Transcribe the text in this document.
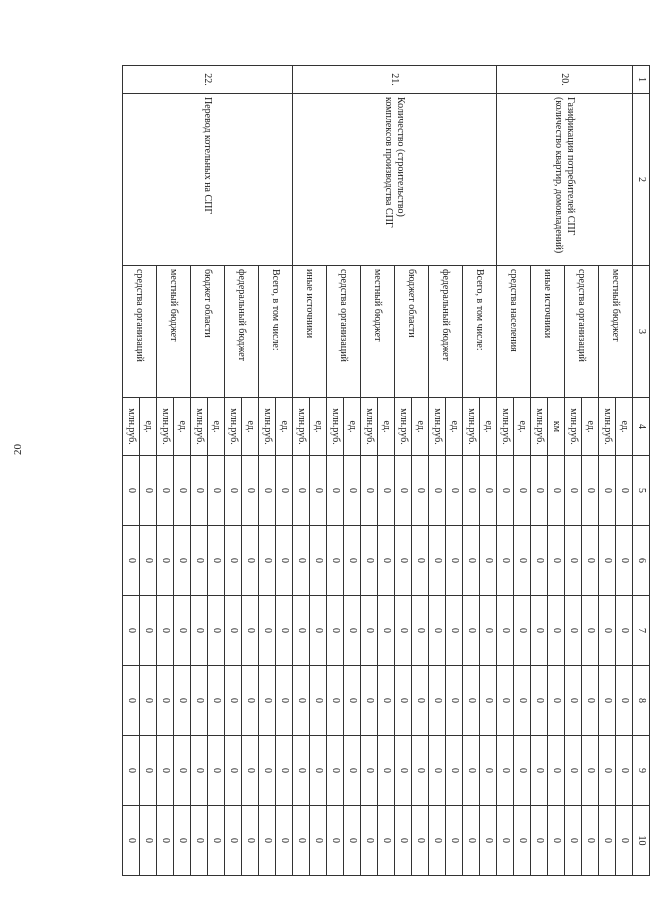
20
1	2	3	4	5	6	7	8	9	10
20.	Газификация потребителей СПГ (количество квартир, домовладений)	местный бюджет	ед.	0	0	0	0	0	0
			млн.руб.	0	0	0	0	0	0
		средства организаций	ед.	0	0	0	0	0	0
			млн.руб.	0	0	0	0	0	0
		иные источники	км	0	0	0	0	0	0
			млн.руб.	0	0	0	0	0	0
		средства населения	ед.	0	0	0	0	0	0
			млн.руб.	0	0	0	0	0	0
21.	Количество (строительство) комплексов производства СПГ	Всего, в том числе:	ед.	0	0	0	0	0	0
			млн.руб.	0	0	0	0	0	0
		федеральный бюджет	ед.	0	0	0	0	0	0
			млн.руб.	0	0	0	0	0	0
		бюджет области	ед.	0	0	0	0	0	0
			млн.руб.	0	0	0	0	0	0
		местный бюджет	ед.	0	0	0	0	0	0
			млн.руб.	0	0	0	0	0	0
		средства организаций	ед.	0	0	0	0	0	0
			млн.руб.	0	0	0	0	0	0
		иные источники	ед.	0	0	0	0	0	0
			млн.руб.	0	0	0	0	0	0
22.	Перевод котельных на СПГ	Всего, в том числе:	ед.	0	0	0	0	0	0
			млн.руб.	0	0	0	0	0	0
		федеральный бюджет	ед.	0	0	0	0	0	0
			млн.руб.	0	0	0	0	0	0
		бюджет области	ед.	0	0	0	0	0	0
			млн.руб.	0	0	0	0	0	0
		местный бюджет	ед.	0	0	0	0	0	0
			млн.руб.	0	0	0	0	0	0
		средства организаций	ед.	0	0	0	0	0	0
			млн.руб.	0	0	0	0	0	0
